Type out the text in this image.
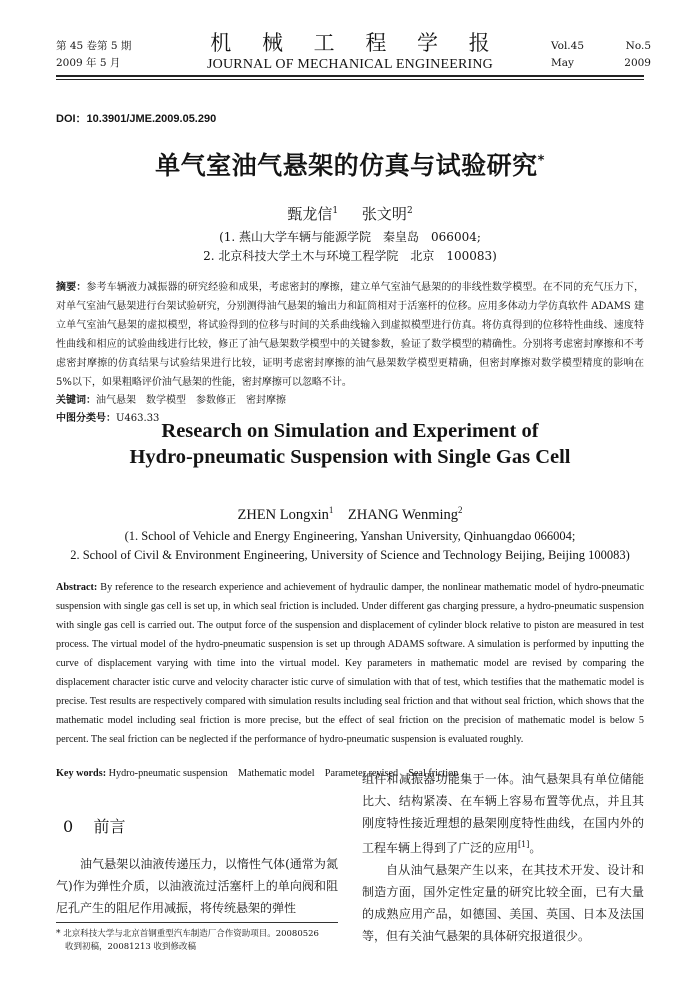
第 45 卷第 5 期
2009 年 5 月
机 械 工 程 学 报
JOURNAL OF MECHANICAL ENGINEERING
Vol.45	No.5
May	2009
DOI：10.3901/JME.2009.05.290
单气室油气悬架的仿真与试验研究*
甄龙信$^1$ 张文明$^2$
(1. 燕山大学车辆与能源学院　秦皇岛　066004;
2. 北京科技大学土木与环境工程学院　北京　100083)
摘要：参考车辆液力减振器的研究经验和成果，考虑密封的摩擦，建立单气室油气悬架的的非线性数学模型。在不同的充气压力下，对单气室油气悬架进行台架试验研究，分别测得油气悬架的输出力和缸筒相对于活塞杆的位移。应用多体动力学仿真软件 ADAMS 建立单气室油气悬架的虚拟模型，将试验得到的位移与时间的关系曲线输入到虚拟模型进行仿真。将仿真得到的位移特性曲线、速度特性曲线和相应的试验曲线进行比较，修正了油气悬架数学模型中的关键参数，验证了数学模型的精确性。分别将考虑密封摩擦和不考虑密封摩擦的仿真结果与试验结果进行比较，证明考虑密封摩擦的油气悬架数学模型更精确，但密封摩擦对数学模型精度的影响在 5%以下，如果粗略评价油气悬架的性能，密封摩擦可以忽略不计。
关键词：油气悬架　数学模型　参数修正　密封摩擦
中图分类号：U463.33
Research on Simulation and Experiment of
Hydro-pneumatic Suspension with Single Gas Cell
ZHEN Longxin$^1$ ZHANG Wenming$^2$
(1. School of Vehicle and Energy Engineering, Yanshan University, Qinhuangdao 066004;
2. School of Civil & Environment Engineering, University of Science and Technology Beijing, Beijing 100083)
Abstract: By reference to the research experience and achievement of hydraulic damper, the nonlinear mathematic model of hydro-pneumatic suspension with single gas cell is set up, in which seal friction is included. Under different gas charging pressure, a hydro-pneumatic suspension with single gas cell is carried out. The output force of the suspension and displacement of cylinder block relative to piston are measured in test process. The virtual model of the hydro-pneumatic suspension is set up through ADAMS software. A simulation is performed by inputting the curve of displacement varying with time into the virtual model. Key parameters in mathematic model are revised by comparing the displacement character istic curve and velocity character istic curve of simulation with that of test, which testifies that the mathematic model is precise. Test results are respectively compared with simulation results including seal friction and that without seal friction, which shows that the mathematic model including seal friction is more precise, but the effect of seal friction on the precision of mathematic model is below 5 percent. The seal friction can be neglected if the performance of hydro-pneumatic suspension is evaluated roughly.
Key words: Hydro-pneumatic suspension　Mathematic model　Parameter revised　Seal friction
0 前言

油气悬架以油液传递压力，以惰性气体(通常为氮气)作为弹性介质，以油液流过活塞杆上的单向阀和阻尼孔产生的阻尼作用减振，将传统悬架的弹性

组件和减振器功能集于一体。油气悬架具有单位储能比大、结构紧凑、在车辆上容易布置等优点，并且其刚度特性接近理想的悬架刚度特性曲线，在国内外的工程车辆上得到了广泛的应用[1]。

自从油气悬架产生以来，在其技术开发、设计和制造方面，国外定性定量的研究比较全面，已有大量的成熟应用产品，如德国、美国、英国、日本及法国等，但有关油气悬架的具体研究报道很少。

* 北京科技大学与北京首钢重型汽车制造厂合作资助项目。20080526
收到初稿，20081213 收到修改稿
